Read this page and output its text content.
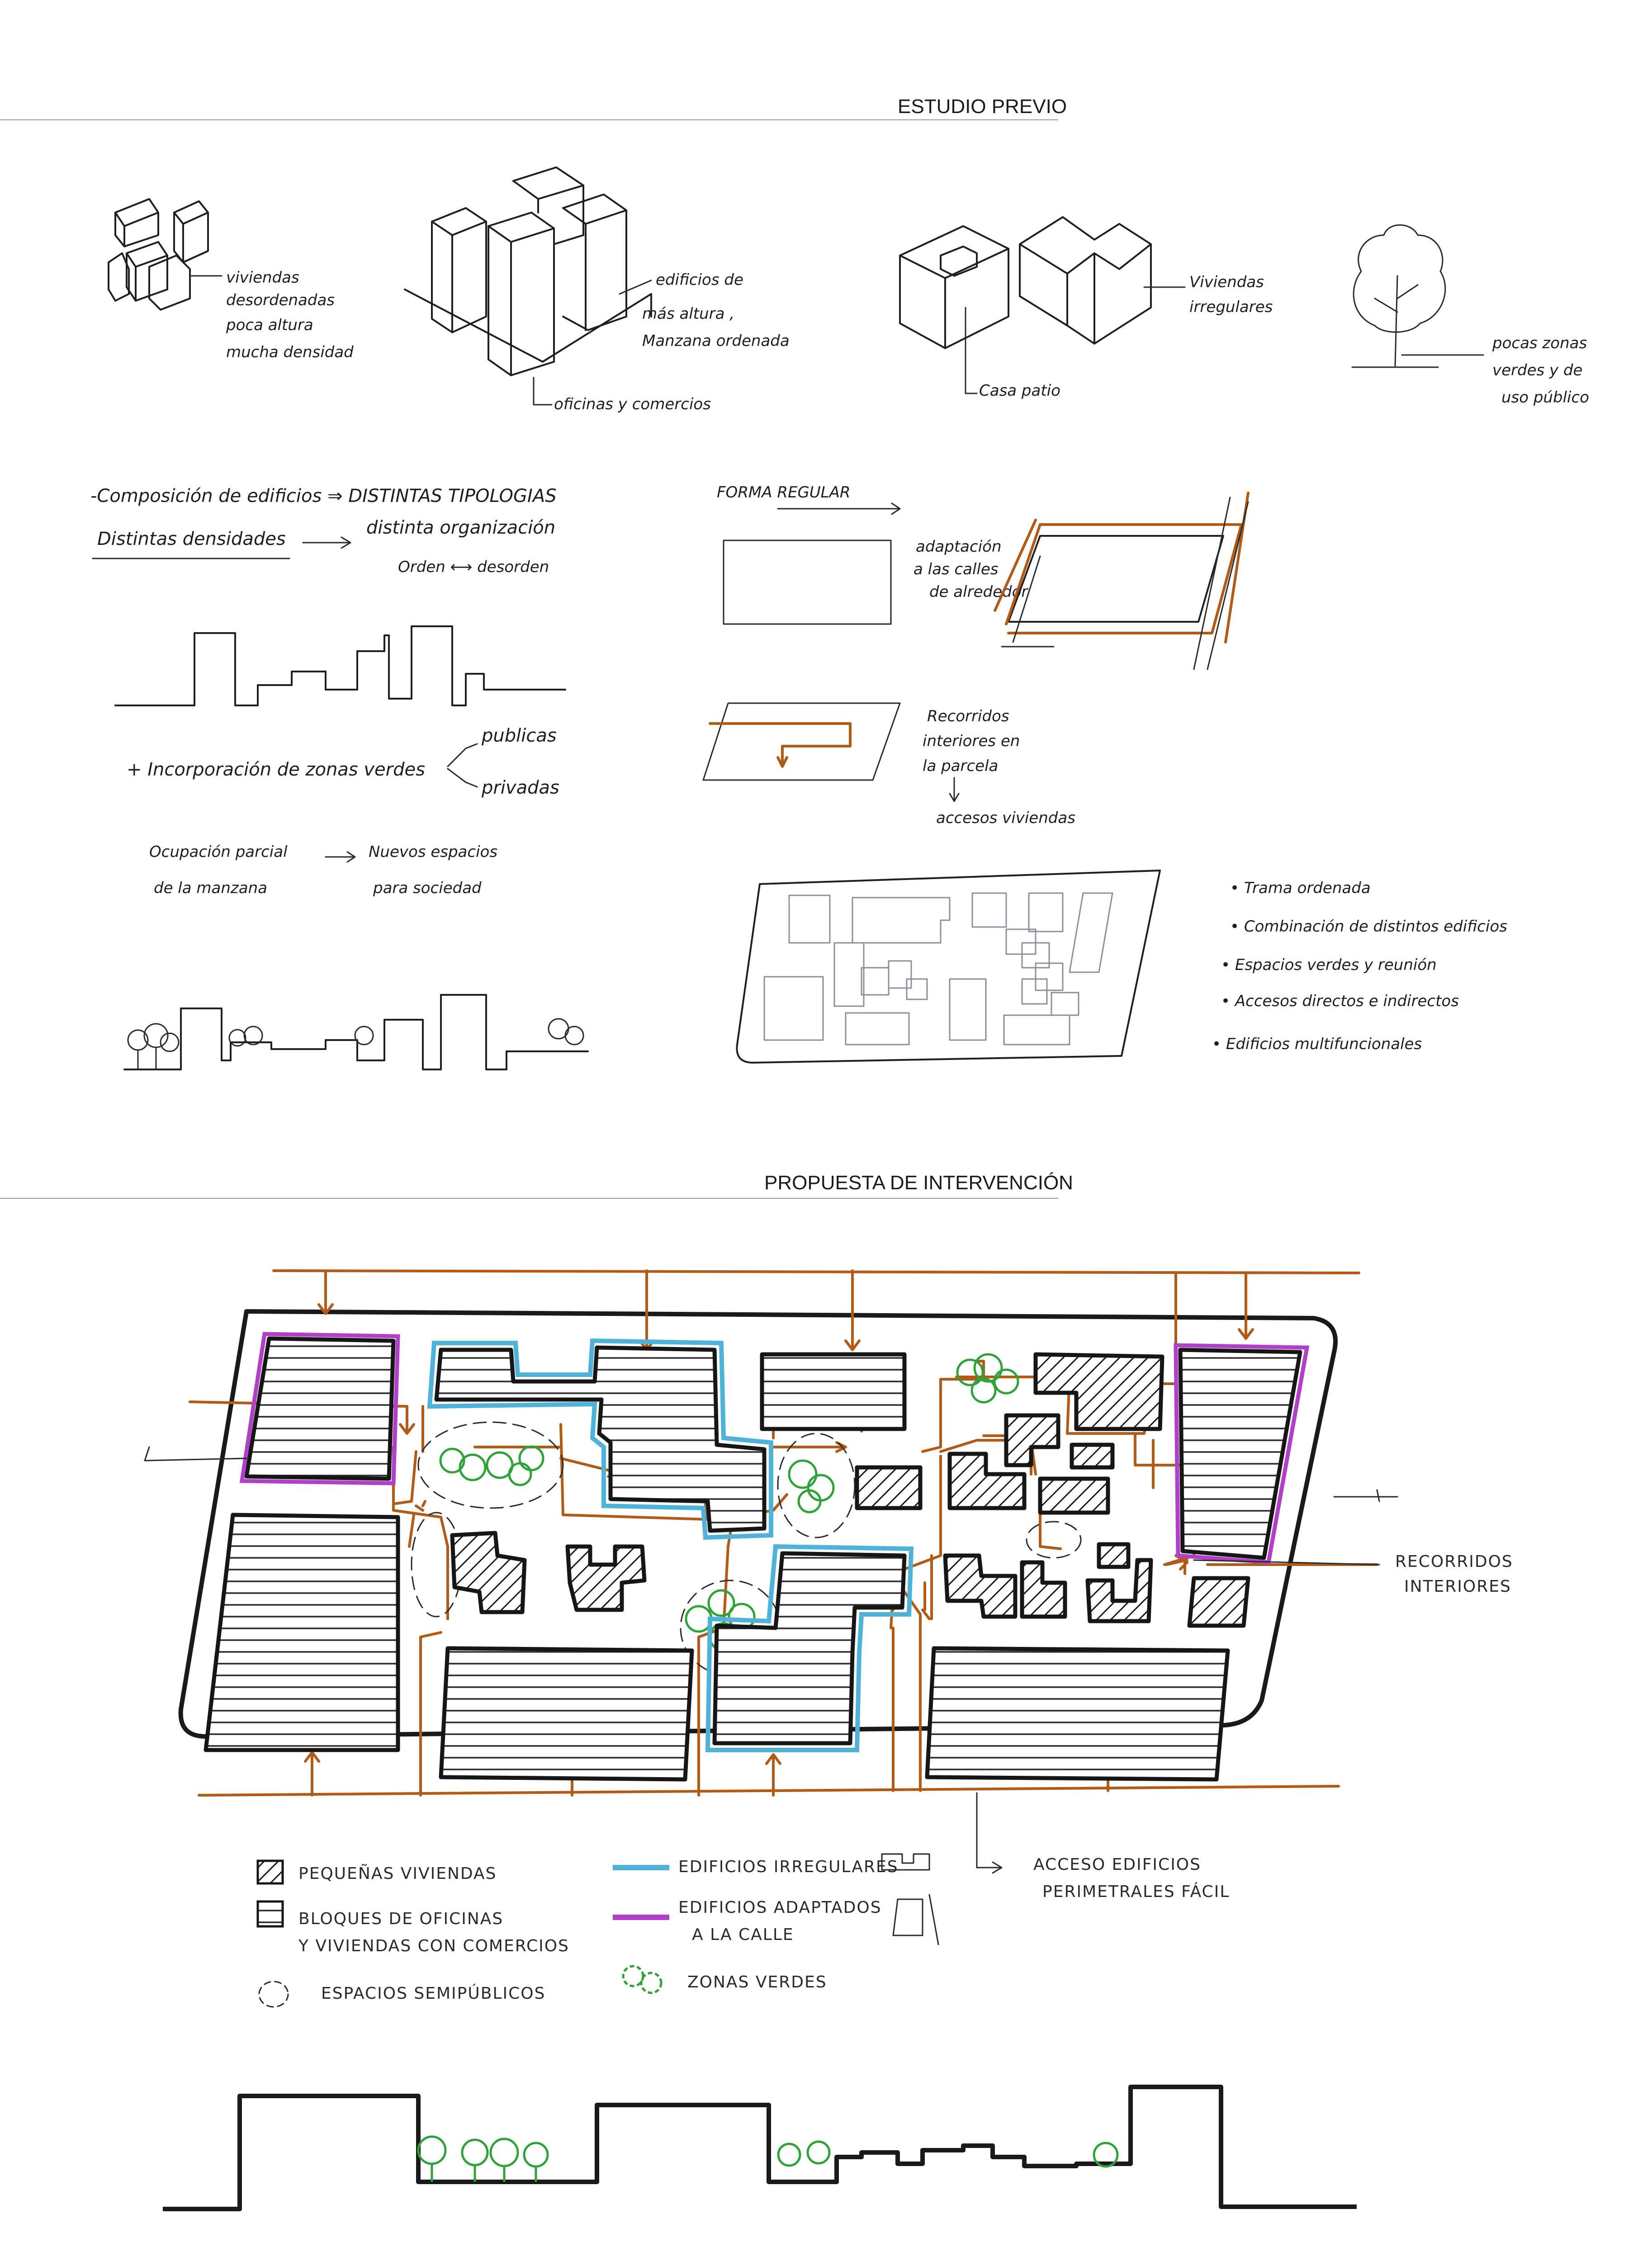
ESTUDIO PREVIO
viviendas
desordenadas
poca altura
mucha densidad
edificios de
más altura ,
Manzana ordenada
oficinas y comercios
Casa patio
Viviendas
irregulares
pocas zonas
verdes y de
uso público
-Composición de edificios ⇒ DISTINTAS TIPOLOGIAS
Distintas densidades
distinta organización
Orden ⟷ desorden
+ Incorporación de zonas verdes
publicas
privadas
Ocupación parcial
de la manzana
Nuevos espacios
para sociedad
FORMA REGULAR
adaptación
a las calles
de alrededor
Recorridos
interiores en
la parcela
accesos viviendas
• Trama ordenada
• Combinación de distintos edificios
• Espacios verdes y reunión
• Accesos directos e indirectos
• Edificios multifuncionales
PROPUESTA DE INTERVENCIÓN
RECORRIDOS
INTERIORES
ACCESO EDIFICIOS
PERIMETRALES FÁCIL
PEQUEÑAS VIVIENDAS
BLOQUES DE OFICINAS
Y VIVIENDAS CON COMERCIOS
ESPACIOS SEMIPÚBLICOS
EDIFICIOS IRREGULARES
EDIFICIOS ADAPTADOS
A LA CALLE
ZONAS VERDES
